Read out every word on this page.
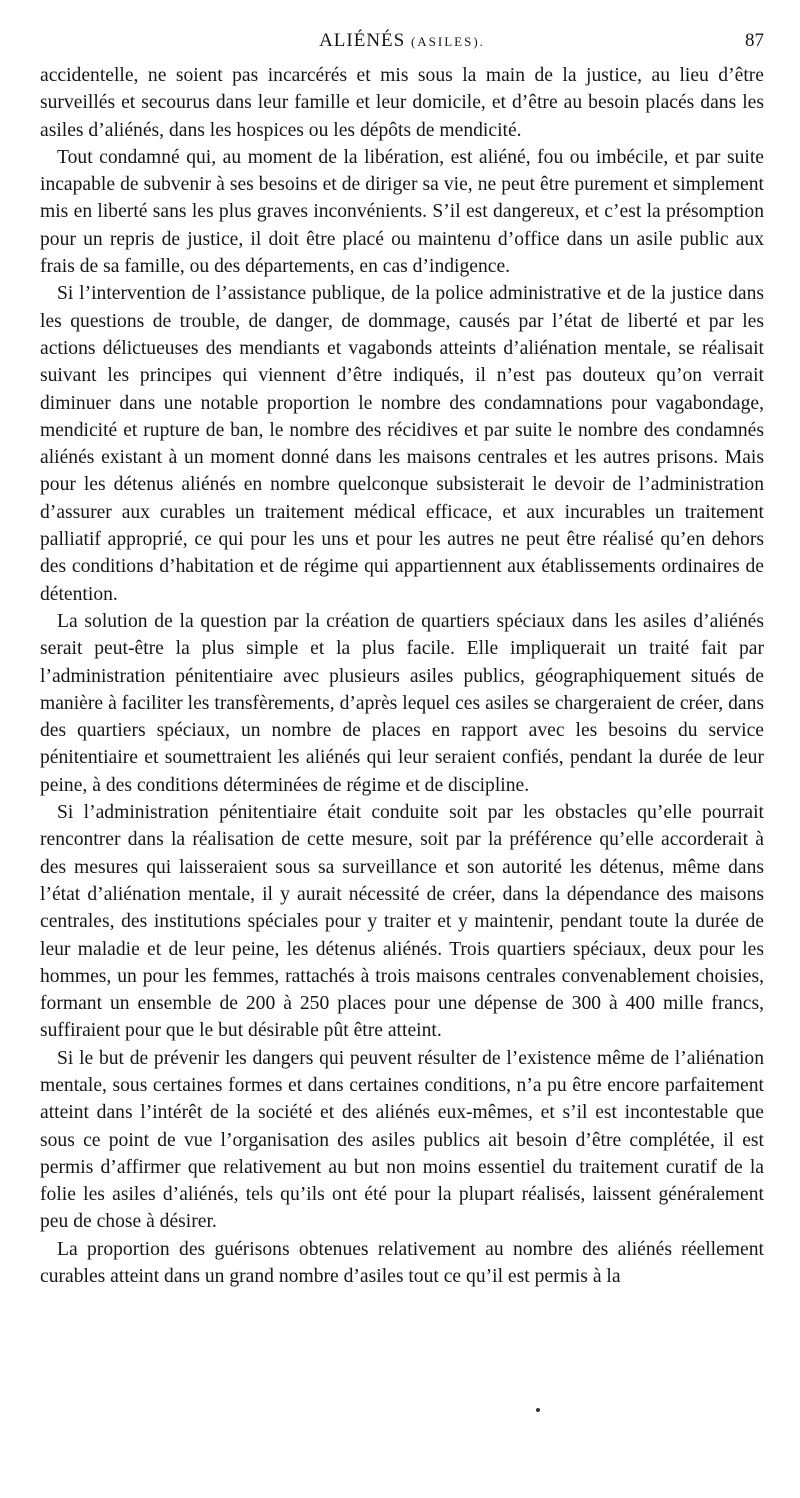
ALIÉNÉS (ASILES).	87

accidentelle, ne soient pas incarcérés et mis sous la main de la justice, au lieu d’être surveillés et secourus dans leur famille et leur domicile, et d’être au besoin placés dans les asiles d’aliénés, dans les hospices ou les dépôts de mendicité.

Tout condamné qui, au moment de la libération, est aliéné, fou ou imbécile, et par suite incapable de subvenir à ses besoins et de diriger sa vie, ne peut être purement et simplement mis en liberté sans les plus graves inconvénients. S’il est dangereux, et c’est la présomption pour un repris de justice, il doit être placé ou maintenu d’office dans un asile public aux frais de sa famille, ou des départements, en cas d’indigence.

Si l’intervention de l’assistance publique, de la police administrative et de la justice dans les questions de trouble, de danger, de dommage, causés par l’état de liberté et par les actions délictueuses des mendiants et vagabonds atteints d’aliénation mentale, se réalisait suivant les principes qui viennent d’être indiqués, il n’est pas douteux qu’on verrait diminuer dans une notable proportion le nombre des condamnations pour vagabondage, mendicité et rupture de ban, le nombre des récidives et par suite le nombre des condamnés aliénés existant à un moment donné dans les maisons centrales et les autres prisons. Mais pour les détenus aliénés en nombre quelconque subsisterait le devoir de l’administration d’assurer aux curables un traitement médical efficace, et aux incurables un traitement palliatif approprié, ce qui pour les uns et pour les autres ne peut être réalisé qu’en dehors des conditions d’habitation et de régime qui appartiennent aux établissements ordinaires de détention.

La solution de la question par la création de quartiers spéciaux dans les asiles d’aliénés serait peut-être la plus simple et la plus facile. Elle impliquerait un traité fait par l’administration pénitentiaire avec plusieurs asiles publics, géographiquement situés de manière à faciliter les transfèrements, d’après lequel ces asiles se chargeraient de créer, dans des quartiers spéciaux, un nombre de places en rapport avec les besoins du service pénitentiaire et soumettraient les aliénés qui leur seraient confiés, pendant la durée de leur peine, à des conditions déterminées de régime et de discipline.

Si l’administration pénitentiaire était conduite soit par les obstacles qu’elle pourrait rencontrer dans la réalisation de cette mesure, soit par la préférence qu’elle accorderait à des mesures qui laisseraient sous sa surveillance et son autorité les détenus, même dans l’état d’aliénation mentale, il y aurait nécessité de créer, dans la dépendance des maisons centrales, des institutions spéciales pour y traiter et y maintenir, pendant toute la durée de leur maladie et de leur peine, les détenus aliénés. Trois quartiers spéciaux, deux pour les hommes, un pour les femmes, rattachés à trois maisons centrales convenablement choisies, formant un ensemble de 200 à 250 places pour une dépense de 300 à 400 mille francs, suffiraient pour que le but désirable pût être atteint.

Si le but de prévenir les dangers qui peuvent résulter de l’existence même de l’aliénation mentale, sous certaines formes et dans certaines conditions, n’a pu être encore parfaitement atteint dans l’intérêt de la société et des aliénés eux-mêmes, et s’il est incontestable que sous ce point de vue l’organisation des asiles publics ait besoin d’être complétée, il est permis d’affirmer que relativement au but non moins essentiel du traitement curatif de la folie les asiles d’aliénés, tels qu’ils ont été pour la plupart réalisés, laissent généralement peu de chose à désirer.

La proportion des guérisons obtenues relativement au nombre des aliénés réellement curables atteint dans un grand nombre d’asiles tout ce qu’il est permis à la
